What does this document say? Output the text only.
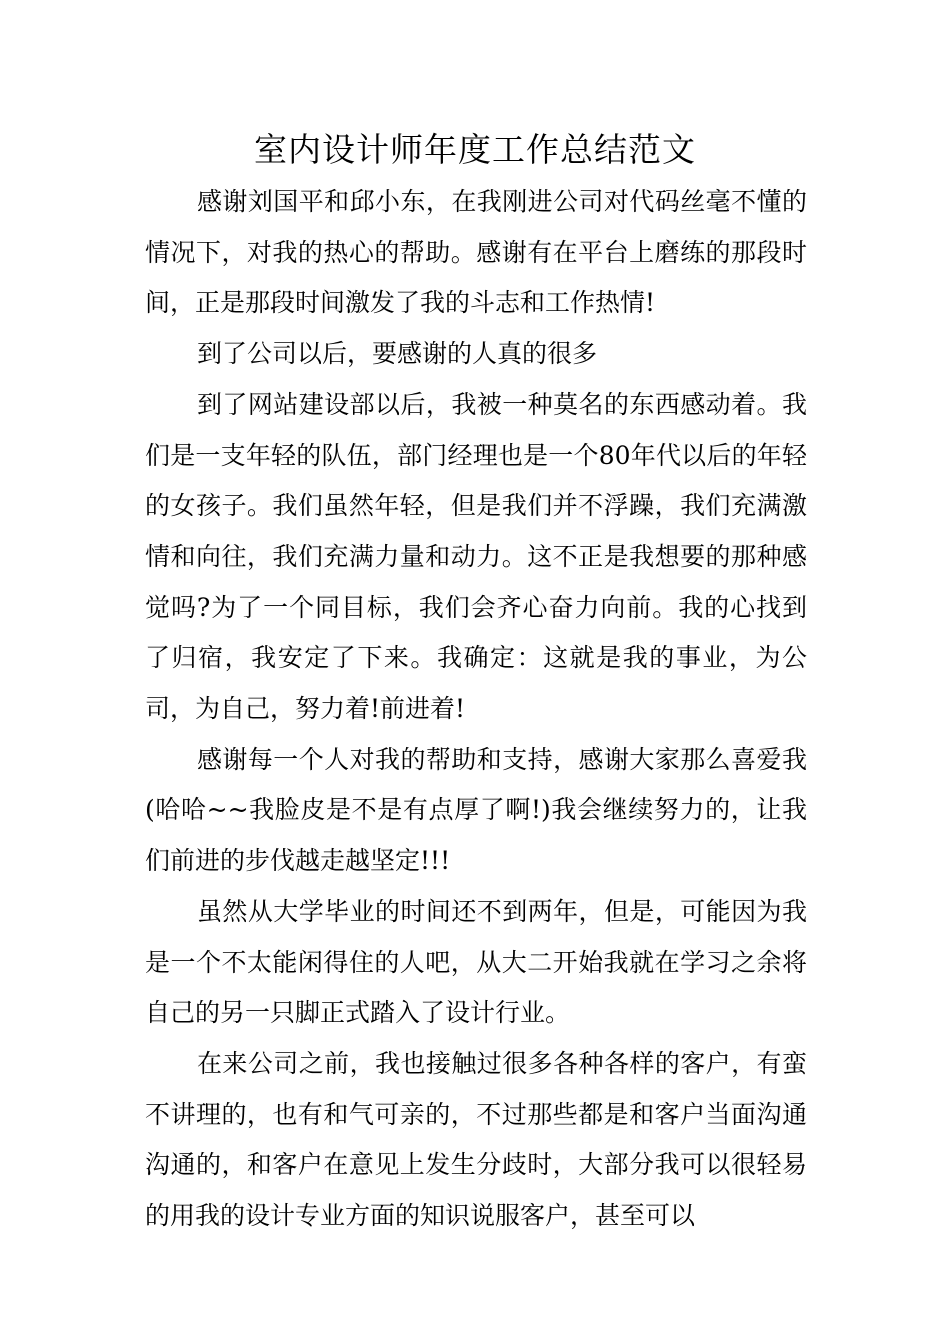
室内设计师年度工作总结范文

感谢刘国平和邱小东，在我刚进公司对代码丝毫不懂的情况下，对我的热心的帮助。感谢有在平台上磨练的那段时间，正是那段时间激发了我的斗志和工作热情!

到了公司以后，要感谢的人真的很多

到了网站建设部以后，我被一种莫名的东西感动着。我们是一支年轻的队伍，部门经理也是一个80年代以后的年轻的女孩子。我们虽然年轻，但是我们并不浮躁，我们充满激情和向往，我们充满力量和动力。这不正是我想要的那种感觉吗?为了一个同目标，我们会齐心奋力向前。我的心找到了归宿，我安定了下来。我确定：这就是我的事业，为公司，为自己，努力着!前进着!

感谢每一个人对我的帮助和支持，感谢大家那么喜爱我(哈哈~~我脸皮是不是有点厚了啊!)我会继续努力的，让我们前进的步伐越走越坚定!!!

虽然从大学毕业的时间还不到两年，但是，可能因为我是一个不太能闲得住的人吧，从大二开始我就在学习之余将自己的另一只脚正式踏入了设计行业。

在来公司之前，我也接触过很多各种各样的客户，有蛮不讲理的，也有和气可亲的，不过那些都是和客户当面沟通沟通的，和客户在意见上发生分歧时，大部分我可以很轻易的用我的设计专业方面的知识说服客户，甚至可以
